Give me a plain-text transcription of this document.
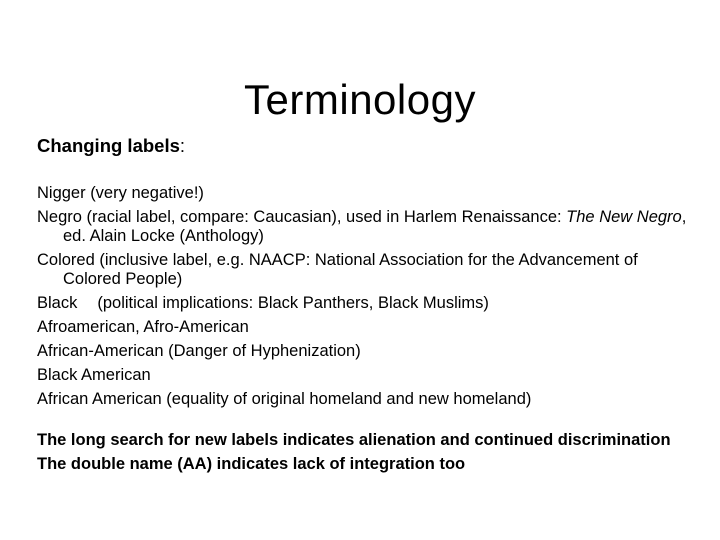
Terminology
Changing labels:
Nigger (very negative!)
Negro (racial label, compare: Caucasian), used in Harlem Renaissance: The New Negro, ed. Alain Locke (Anthology)
Colored (inclusive label, e.g. NAACP: National Association for the Advancement of Colored People)
Black (political implications: Black Panthers, Black Muslims)
Afroamerican, Afro-American
African-American (Danger of Hyphenization)
Black American
African American (equality of original homeland and new homeland)
The long search for new labels indicates alienation and continued discrimination
The double name (AA) indicates lack of integration too
